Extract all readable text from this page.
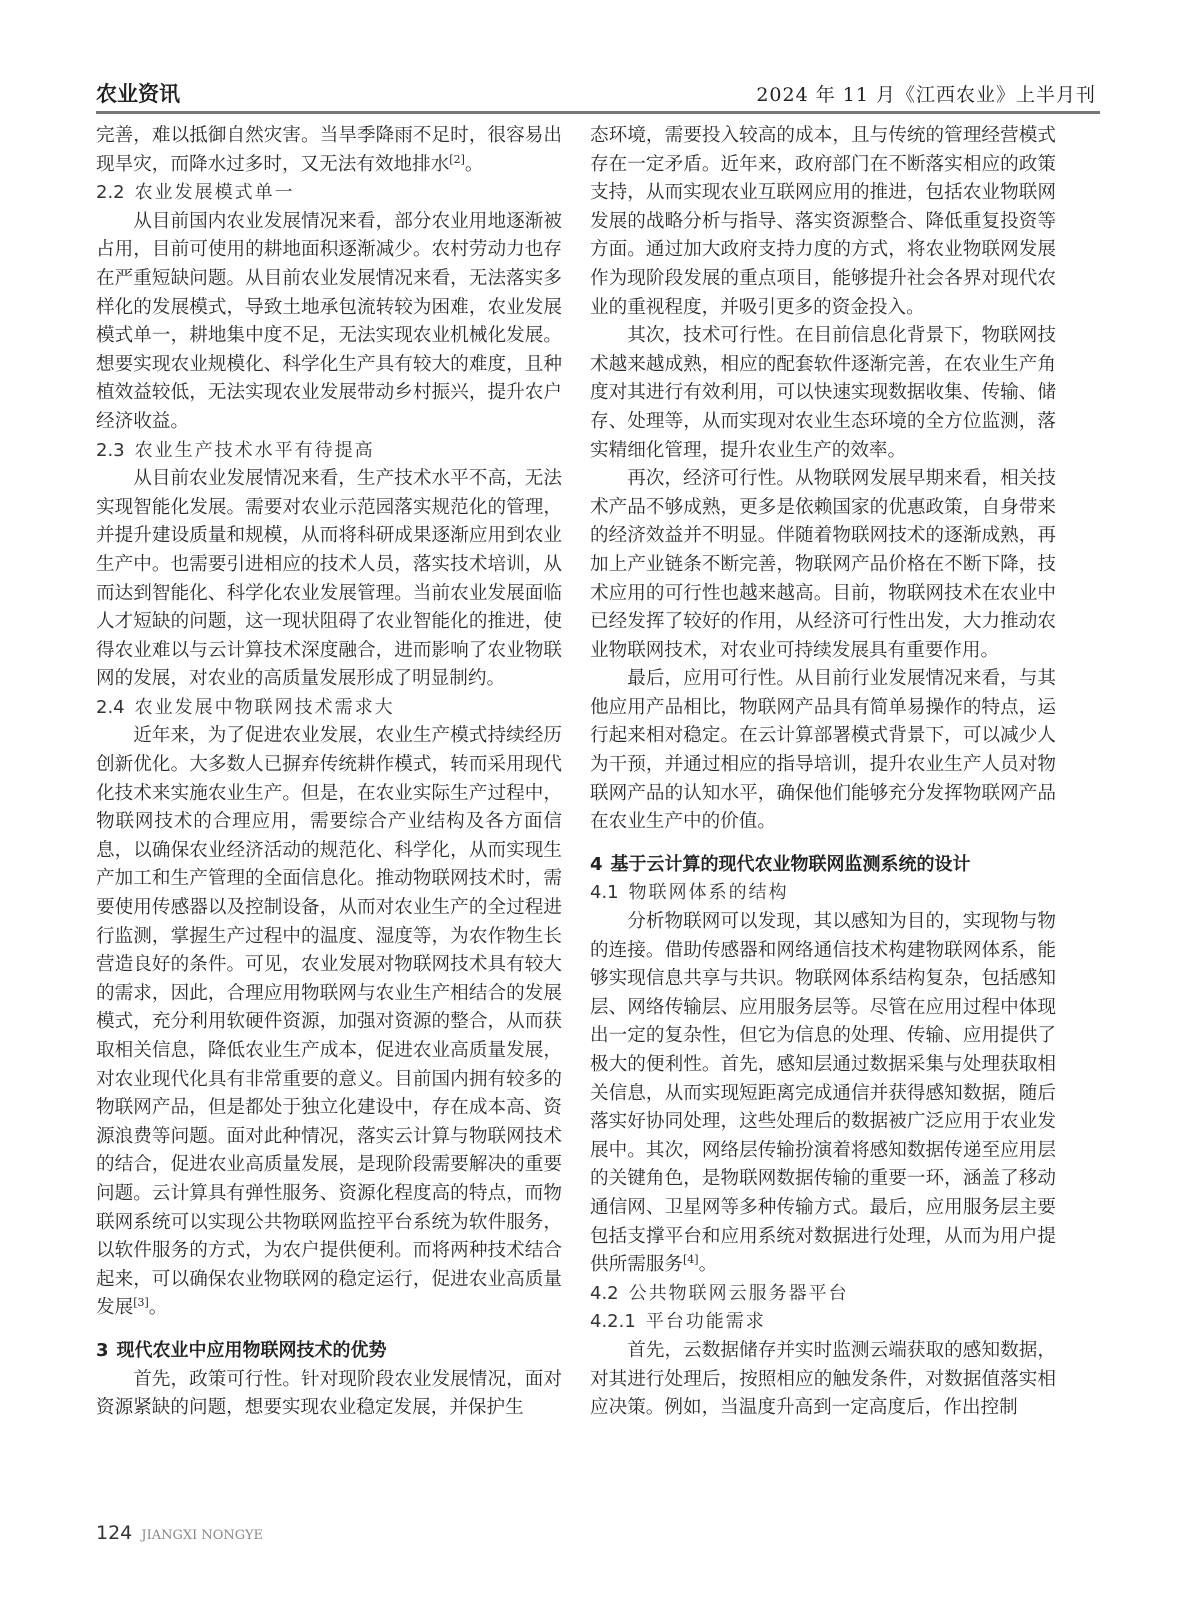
农业资讯	2024 年 11 月《江西农业》上半月刊
完善，难以抵御自然灾害。当旱季降雨不足时，很容易出现旱灾，而降水过多时，又无法有效地排水[2]。
2.2 农业发展模式单一
从目前国内农业发展情况来看，部分农业用地逐渐被占用，目前可使用的耕地面积逐渐减少。农村劳动力也存在严重短缺问题。从目前农业发展情况来看，无法落实多样化的发展模式，导致土地承包流转较为困难，农业发展模式单一，耕地集中度不足，无法实现农业机械化发展。想要实现农业规模化、科学化生产具有较大的难度，且种植效益较低，无法实现农业发展带动乡村振兴，提升农户经济收益。
2.3 农业生产技术水平有待提高
从目前农业发展情况来看，生产技术水平不高，无法实现智能化发展。需要对农业示范园落实规范化的管理，并提升建设质量和规模，从而将科研成果逐渐应用到农业生产中。也需要引进相应的技术人员，落实技术培训，从而达到智能化、科学化农业发展管理。当前农业发展面临人才短缺的问题，这一现状阻碍了农业智能化的推进，使得农业难以与云计算技术深度融合，进而影响了农业物联网的发展，对农业的高质量发展形成了明显制约。
2.4 农业发展中物联网技术需求大
近年来，为了促进农业发展，农业生产模式持续经历创新优化。大多数人已摒弃传统耕作模式，转而采用现代化技术来实施农业生产。但是，在农业实际生产过程中，物联网技术的合理应用，需要综合产业结构及各方面信息，以确保农业经济活动的规范化、科学化，从而实现生产加工和生产管理的全面信息化。推动物联网技术时，需要使用传感器以及控制设备，从而对农业生产的全过程进行监测，掌握生产过程中的温度、湿度等，为农作物生长营造良好的条件。可见，农业发展对物联网技术具有较大的需求，因此，合理应用物联网与农业生产相结合的发展模式，充分利用软硬件资源，加强对资源的整合，从而获取相关信息，降低农业生产成本，促进农业高质量发展，对农业现代化具有非常重要的意义。目前国内拥有较多的物联网产品，但是都处于独立化建设中，存在成本高、资源浪费等问题。面对此种情况，落实云计算与物联网技术的结合，促进农业高质量发展，是现阶段需要解决的重要问题。云计算具有弹性服务、资源化程度高的特点，而物联网系统可以实现公共物联网监控平台系统为软件服务，以软件服务的方式，为农户提供便利。而将两种技术结合起来，可以确保农业物联网的稳定运行，促进农业高质量发展[3]。
3 现代农业中应用物联网技术的优势
首先，政策可行性。针对现阶段农业发展情况，面对资源紧缺的问题，想要实现农业稳定发展，并保护生
态环境，需要投入较高的成本，且与传统的管理经营模式存在一定矛盾。近年来，政府部门在不断落实相应的政策支持，从而实现农业互联网应用的推进，包括农业物联网发展的战略分析与指导、落实资源整合、降低重复投资等方面。通过加大政府支持力度的方式，将农业物联网发展作为现阶段发展的重点项目，能够提升社会各界对现代农业的重视程度，并吸引更多的资金投入。
其次，技术可行性。在目前信息化背景下，物联网技术越来越成熟，相应的配套软件逐渐完善，在农业生产角度对其进行有效利用，可以快速实现数据收集、传输、储存、处理等，从而实现对农业生态环境的全方位监测，落实精细化管理，提升农业生产的效率。
再次，经济可行性。从物联网发展早期来看，相关技术产品不够成熟，更多是依赖国家的优惠政策，自身带来的经济效益并不明显。伴随着物联网技术的逐渐成熟，再加上产业链条不断完善，物联网产品价格在不断下降，技术应用的可行性也越来越高。目前，物联网技术在农业中已经发挥了较好的作用，从经济可行性出发，大力推动农业物联网技术，对农业可持续发展具有重要作用。
最后，应用可行性。从目前行业发展情况来看，与其他应用产品相比，物联网产品具有简单易操作的特点，运行起来相对稳定。在云计算部署模式背景下，可以减少人为干预，并通过相应的指导培训，提升农业生产人员对物联网产品的认知水平，确保他们能够充分发挥物联网产品在农业生产中的价值。
4 基于云计算的现代农业物联网监测系统的设计
4.1 物联网体系的结构
分析物联网可以发现，其以感知为目的，实现物与物的连接。借助传感器和网络通信技术构建物联网体系，能够实现信息共享与共识。物联网体系结构复杂，包括感知层、网络传输层、应用服务层等。尽管在应用过程中体现出一定的复杂性，但它为信息的处理、传输、应用提供了极大的便利性。首先，感知层通过数据采集与处理获取相关信息，从而实现短距离完成通信并获得感知数据，随后落实好协同处理，这些处理后的数据被广泛应用于农业发展中。其次，网络层传输扮演着将感知数据传递至应用层的关键角色，是物联网数据传输的重要一环，涵盖了移动通信网、卫星网等多种传输方式。最后，应用服务层主要包括支撑平台和应用系统对数据进行处理，从而为用户提供所需服务[4]。
4.2 公共物联网云服务器平台
4.2.1 平台功能需求
首先，云数据储存并实时监测云端获取的感知数据，对其进行处理后，按照相应的触发条件，对数据值落实相应决策。例如，当温度升高到一定高度后，作出控制
124 JIANGXI NONGYE
